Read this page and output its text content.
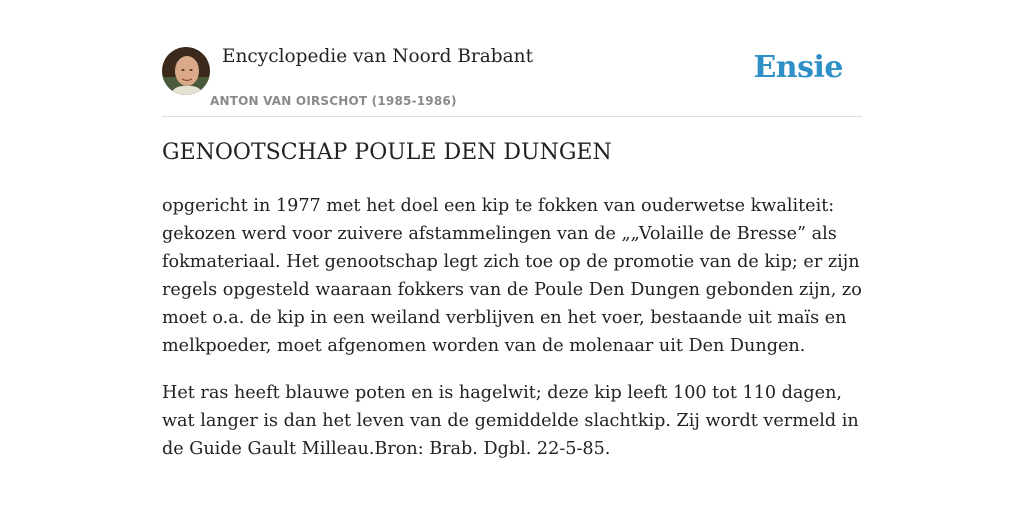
Encyclopedie van Noord Brabant
ANTON VAN OIRSCHOT (1985-1986)
Ensie
GENOOTSCHAP POULE DEN DUNGEN

opgericht in 1977 met het doel een kip te fokken van ouderwetse kwaliteit: gekozen werd voor zuivere afstammelingen van de „„Volaille de Bresse” als fokmateriaal. Het genootschap legt zich toe op de promotie van de kip; er zijn regels opgesteld waaraan fokkers van de Poule Den Dungen gebonden zijn, zo moet o.a. de kip in een weiland verblijven en het voer, bestaande uit maïs en melkpoeder, moet afgenomen worden van de molenaar uit Den Dungen.

Het ras heeft blauwe poten en is hagelwit; deze kip leeft 100 tot 110 dagen, wat langer is dan het leven van de gemiddelde slachtkip. Zij wordt vermeld in de Guide Gault Milleau.Bron: Brab. Dgbl. 22-5-85.
